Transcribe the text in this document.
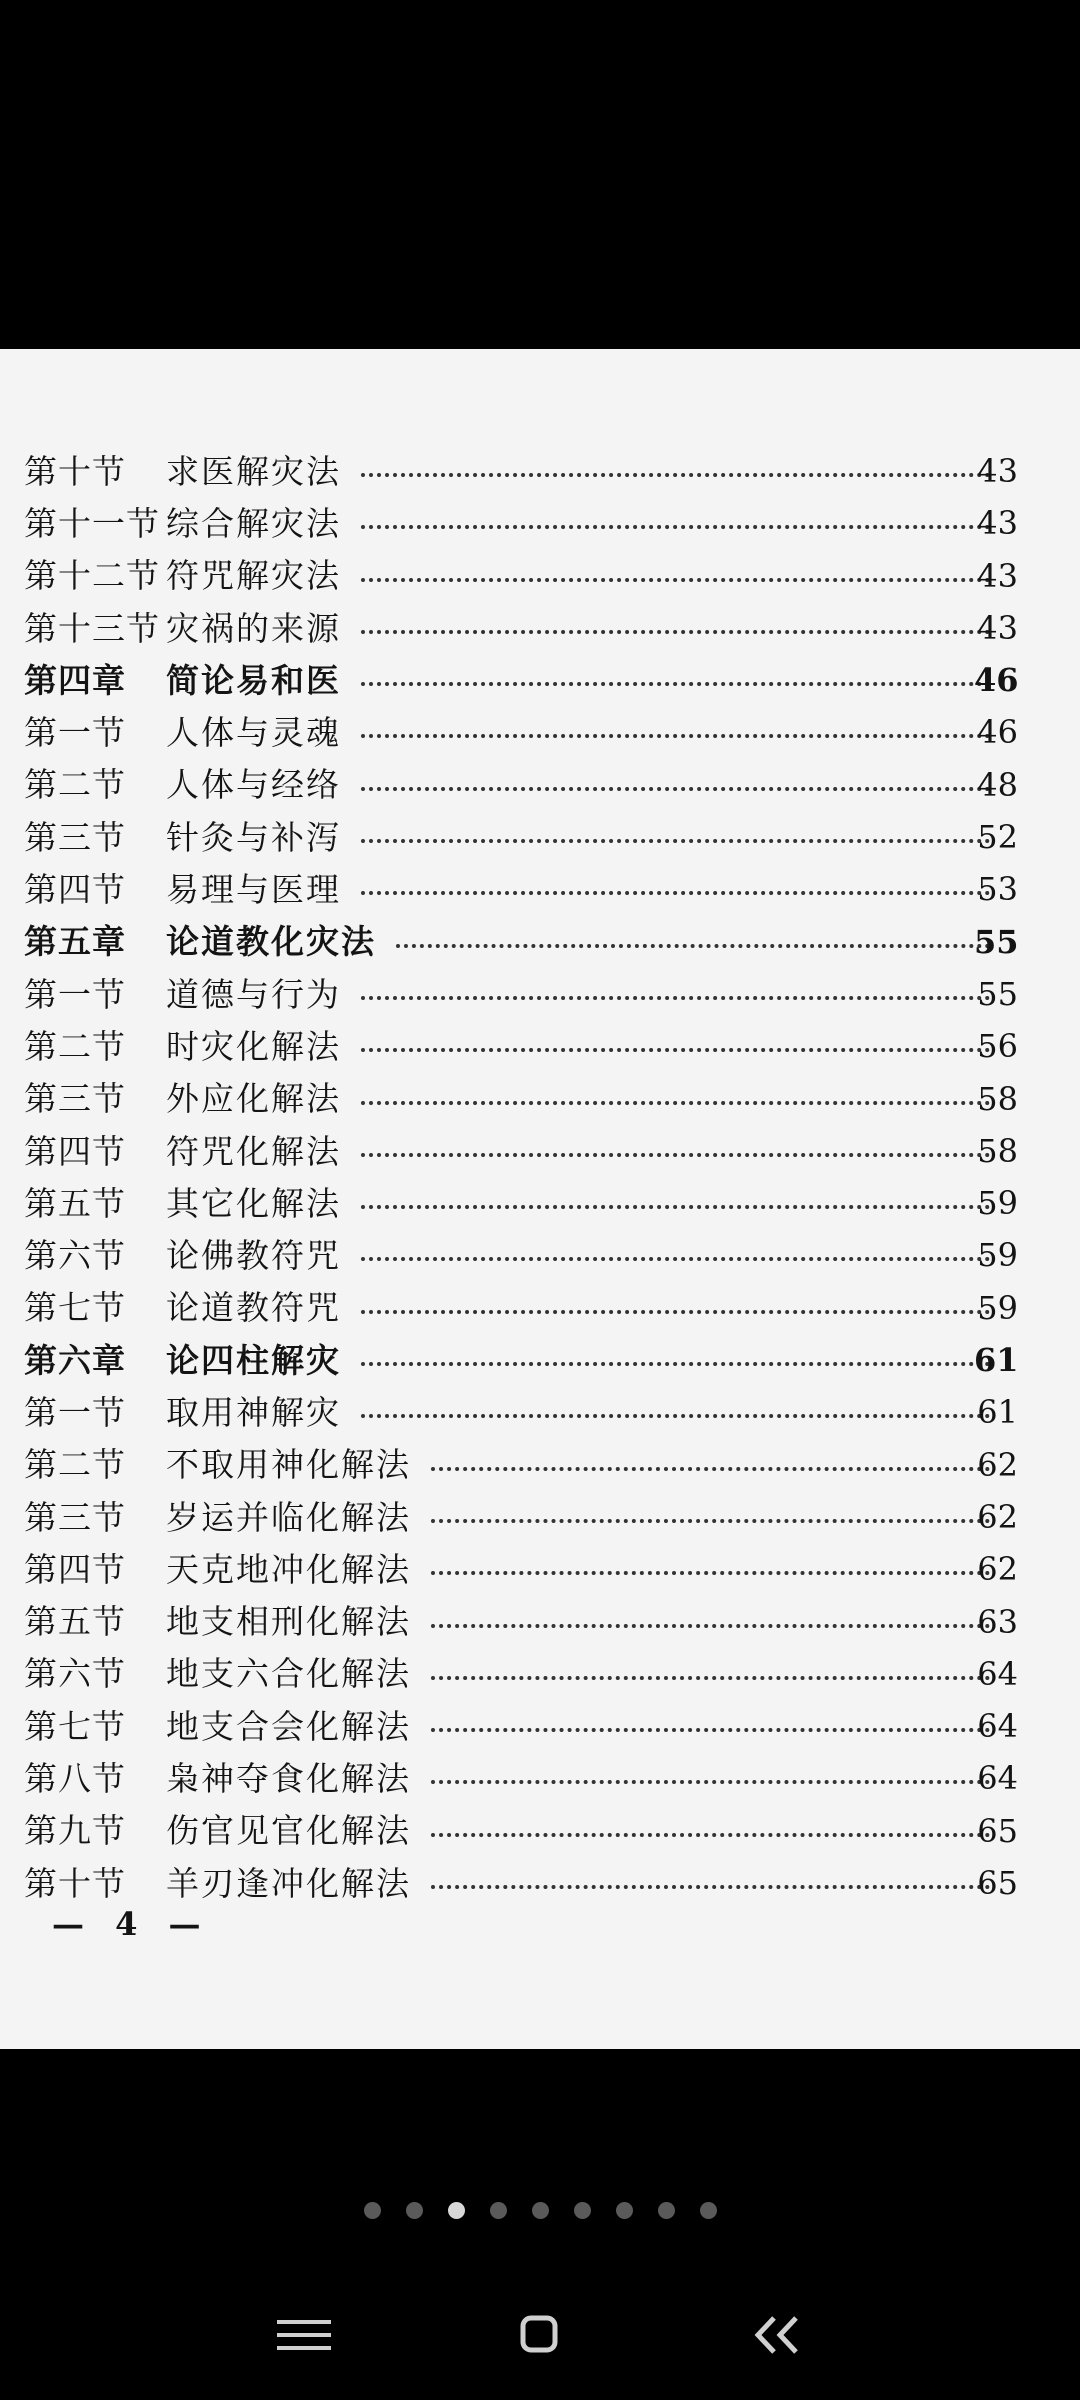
第十节 求医解灾法	43
第十一节 综合解灾法	43
第十二节 符咒解灾法	43
第十三节 灾祸的来源	43
第四章 简论易和医	46
第一节 人体与灵魂	46
第二节 人体与经络	48
第三节 针灸与补泻	52
第四节 易理与医理	53
第五章 论道教化灾法	55
第一节 道德与行为	55
第二节 时灾化解法	56
第三节 外应化解法	58
第四节 符咒化解法	58
第五节 其它化解法	59
第六节 论佛教符咒	59
第七节 论道教符咒	59
第六章 论四柱解灾	61
第一节 取用神解灾	61
第二节 不取用神化解法	62
第三节 岁运并临化解法	62
第四节 天克地冲化解法	62
第五节 地支相刑化解法	63
第六节 地支六合化解法	64
第七节 地支合会化解法	64
第八节 枭神夺食化解法	64
第九节 伤官见官化解法	65
第十节 羊刃逢冲化解法	65
— 4 —
